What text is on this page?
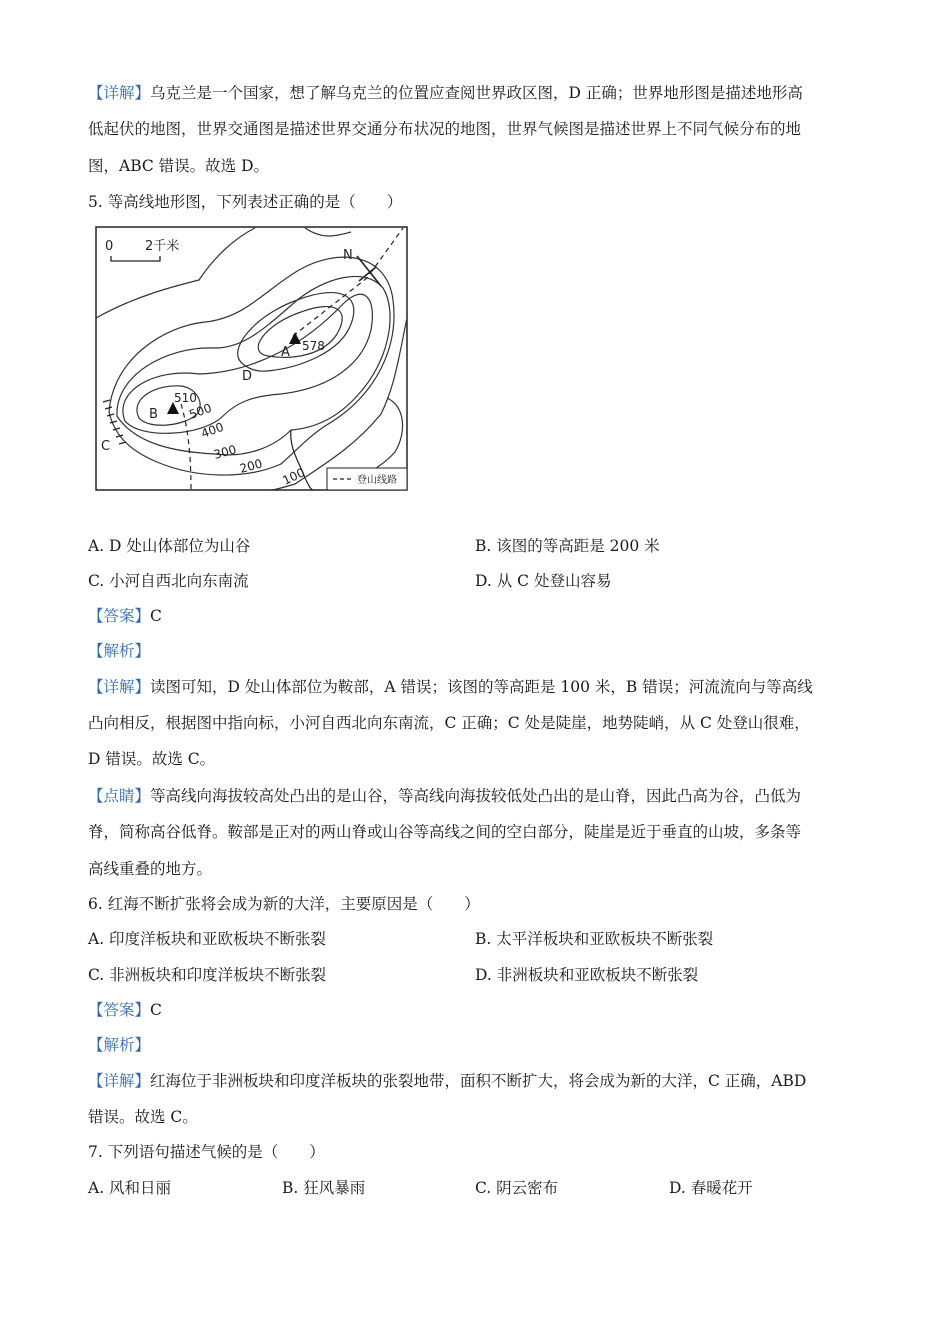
【详解】乌克兰是一个国家，想了解乌克兰的位置应查阅世界政区图，D 正确；世界地形图是描述地形高
低起伏的地图，世界交通图是描述世界交通分布状况的地图，世界气候图是描述世界上不同气候分布的地
图，ABC 错误。故选 D。
5. 等高线地形图，下列表述正确的是（　　）
0 2千米
N
A 578
B
510
C
D
500
400
300
200 100	登山线路
A. D 处山体部位为山谷	B. 该图的等高距是 200 米
C. 小河自西北向东南流	D. 从 C 处登山容易
【答案】C
【解析】
【详解】读图可知，D 处山体部位为鞍部，A 错误；该图的等高距是 100 米，B 错误；河流流向与等高线
凸向相反，根据图中指向标，小河自西北向东南流，C 正确；C 处是陡崖，地势陡峭，从 C 处登山很难，
D 错误。故选 C。
【点睛】等高线向海拔较高处凸出的是山谷，等高线向海拔较低处凸出的是山脊，因此凸高为谷，凸低为
脊，简称高谷低脊。鞍部是正对的两山脊或山谷等高线之间的空白部分，陡崖是近于垂直的山坡，多条等
高线重叠的地方。
6. 红海不断扩张将会成为新的大洋，主要原因是（　　）
A. 印度洋板块和亚欧板块不断张裂	B. 太平洋板块和亚欧板块不断张裂
C. 非洲板块和印度洋板块不断张裂	D. 非洲板块和亚欧板块不断张裂
【答案】C
【解析】
【详解】红海位于非洲板块和印度洋板块的张裂地带，面积不断扩大，将会成为新的大洋，C 正确，ABD
错误。故选 C。
7. 下列语句描述气候的是（　　）
A. 风和日丽	B. 狂风暴雨	C. 阴云密布	D. 春暖花开
